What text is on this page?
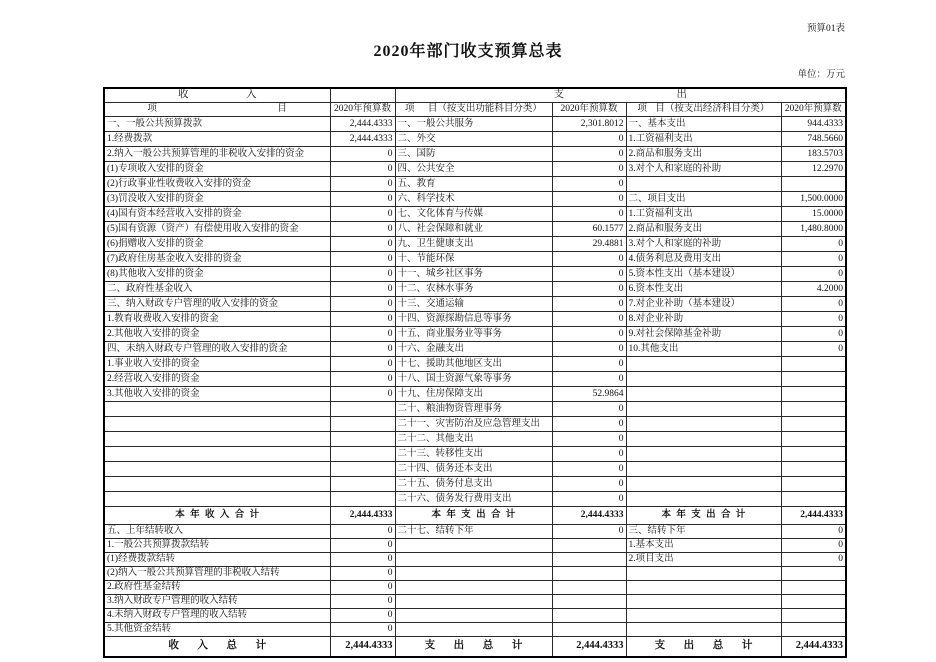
预算01表
2020年部门收支预算总表
单位：万元
收 入		支 出			
项 目	2020年预算数	项 目（按支出功能科目分类）	2020年预算数	项 目（按支出经济科目分类）	2020年预算数
一、一般公共预算拨款	2,444.4333	一、一般公共服务	2,301.8012	一、基本支出	944.4333
1.经费拨款	2,444.4333	二、外交	0	1.工资福利支出	748.5660
2.纳入一般公共预算管理的非税收入安排的资金	0	三、国防	0	2.商品和服务支出	183.5703
(1)专项收入安排的资金	0	四、公共安全	0	3.对个人和家庭的补助	12.2970
(2)行政事业性收费收入安排的资金	0	五、教育	0		
(3)罚没收入安排的资金	0	六、科学技术	0	二、项目支出	1,500.0000
(4)国有资本经营收入安排的资金	0	七、文化体育与传媒	0	1.工资福利支出	15.0000
(5)国有资源（资产）有偿使用收入安排的资金	0	八、社会保障和就业	60.1577	2.商品和服务支出	1,480.8000
(6)捐赠收入安排的资金	0	九、卫生健康支出	29.4881	3.对个人和家庭的补助	0
(7)政府住房基金收入安排的资金	0	十、节能环保	0	4.债务利息及费用支出	0
(8)其他收入安排的资金	0	十一、城乡社区事务	0	5.资本性支出（基本建设）	0
二、政府性基金收入	0	十二、农林水事务	0	6.资本性支出	4.2000
三、纳入财政专户管理的收入安排的资金	0	十三、交通运输	0	7.对企业补助（基本建设）	0
1.教育收费收入安排的资金	0	十四、资源探勘信息等事务	0	8.对企业补助	0
2.其他收入安排的资金	0	十五、商业服务业等事务	0	9.对社会保障基金补助	0
四、未纳入财政专户管理的收入安排的资金	0	十六、金融支出	0	10.其他支出	0
1.事业收入安排的资金	0	十七、援助其他地区支出	0		
2.经营收入安排的资金	0	十八、国土资源气象等事务	0		
3.其他收入安排的资金	0	十九、住房保障支出	52.9864		
		二十、粮油物资管理事务	0		
		二十一、灾害防治及应急管理支出	0		
		二十二、其他支出	0		
		二十三、转移性支出	0		
		二十四、债务还本支出	0		
		二十五、债务付息支出	0		
		二十六、债务发行费用支出	0		
本 年 收 入 合 计	2,444.4333	本 年 支 出 合 计	2,444.4333	本 年 支 出 合 计	2,444.4333
五、上年结转收入	0	二十七、结转下年	0	三、结转下年	0
1.一般公共预算拨款结转	0			1.基本支出	0
(1)经费拨款结转	0			2.项目支出	0
(2)纳入一般公共预算管理的非税收入结转	0				
2.政府性基金结转	0				
3.纳入财政专户管理的收入结转	0				
4.未纳入财政专户管理的收入结转	0				
5.其他资金结转	0				
收 入 总 计	2,444.4333	支 出 总 计	2,444.4333	支 出 总 计	2,444.4333
